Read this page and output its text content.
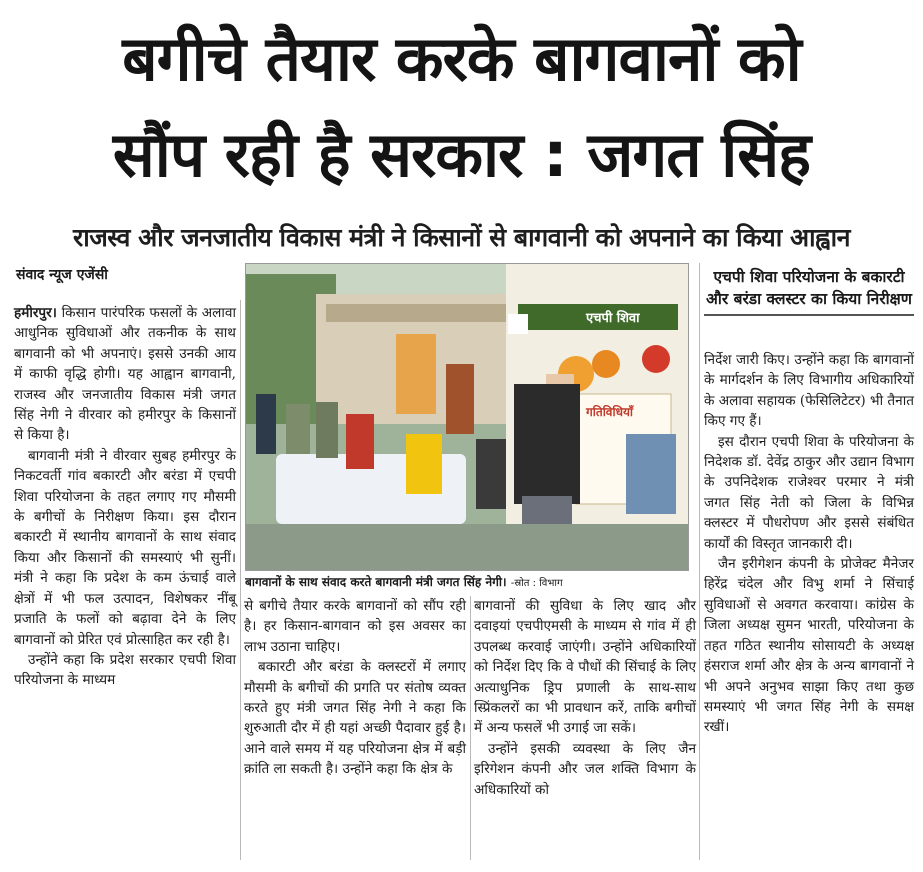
बगीचे तैयार करके बागवानों को
सौंप रही है सरकार : जगत सिंह
राजस्व और जनजातीय विकास मंत्री ने किसानों से बागवानी को अपनाने का किया आह्वान
संवाद न्यूज एजेंसी

हमीरपुर। किसान पारंपरिक फसलों के अलावा आधुनिक सुविधाओं और तकनीक के साथ बागवानी को भी अपनाएं। इससे उनकी आय में काफी वृद्धि होगी। यह आह्वान बागवानी, राजस्व और जनजातीय विकास मंत्री जगत सिंह नेगी ने वीरवार को हमीरपुर के किसानों से किया है।

बागवानी मंत्री ने वीरवार सुबह हमीरपुर के निकटवर्ती गांव बकारटी और बरंडा में एचपी शिवा परियोजना के तहत लगाए गए मौसमी के बगीचों के निरीक्षण किया। इस दौरान बकारटी में स्थानीय बागवानों के साथ संवाद किया और किसानों की समस्याएं भी सुनीं। मंत्री ने कहा कि प्रदेश के कम ऊंचाई वाले क्षेत्रों में भी फल उत्पादन, विशेषकर नींबू प्रजाति के फलों को बढ़ावा देने के लिए बागवानों को प्रेरित एवं प्रोत्साहित कर रही है।

उन्होंने कहा कि प्रदेश सरकार एचपी शिवा परियोजना के माध्यम

एचपी शिवा
गतिविधियाँ
बागवानों के साथ संवाद करते बागवानी मंत्री जगत सिंह नेगी। -स्रोत : विभाग

से बगीचे तैयार करके बागवानों को सौंप रही है। हर किसान-बागवान को इस अवसर का लाभ उठाना चाहिए।

बकारटी और बरंडा के क्लस्टरों में लगाए मौसमी के बगीचों की प्रगति पर संतोष व्यक्त करते हुए मंत्री जगत सिंह नेगी ने कहा कि शुरुआती दौर में ही यहां अच्छी पैदावार हुई है। आने वाले समय में यह परियोजना क्षेत्र में बड़ी क्रांति ला सकती है। उन्होंने कहा कि क्षेत्र के

बागवानों की सुविधा के लिए खाद और दवाइयां एचपीएमसी के माध्यम से गांव में ही उपलब्ध करवाई जाएंगी। उन्होंने अधिकारियों को निर्देश दिए कि वे पौधों की सिंचाई के लिए अत्याधुनिक ड्रिप प्रणाली के साथ-साथ स्प्रिंकलरों का भी प्रावधान करें, ताकि बगीचों में अन्य फसलें भी उगाई जा सकें।

उन्होंने इसकी व्यवस्था के लिए जैन इरिगेशन कंपनी और जल शक्ति विभाग के अधिकारियों को

एचपी शिवा परियोजना के बकारटी और बरंडा क्लस्टर का किया निरीक्षण

निर्देश जारी किए। उन्होंने कहा कि बागवानों के मार्गदर्शन के लिए विभागीय अधिकारियों के अलावा सहायक (फेसिलिटेटर) भी तैनात किए गए हैं।

इस दौरान एचपी शिवा के परियोजना के निदेशक डॉ. देवेंद्र ठाकुर और उद्यान विभाग के उपनिदेशक राजेश्वर परमार ने मंत्री जगत सिंह नेती को जिला के विभिन्न क्लस्टर में पौधरोपण और इससे संबंधित कार्यों की विस्तृत जानकारी दी।

जैन इरीगेशन कंपनी के प्रोजेक्ट मैनेजर हिरेंद्र चंदेल और विभु शर्मा ने सिंचाई सुविधाओं से अवगत करवाया। कांग्रेस के जिला अध्यक्ष सुमन भारती, परियोजना के तहत गठित स्थानीय सोसायटी के अध्यक्ष हंसराज शर्मा और क्षेत्र के अन्य बागवानों ने भी अपने अनुभव साझा किए तथा कुछ समस्याएं भी जगत सिंह नेगी के समक्ष रखीं।
